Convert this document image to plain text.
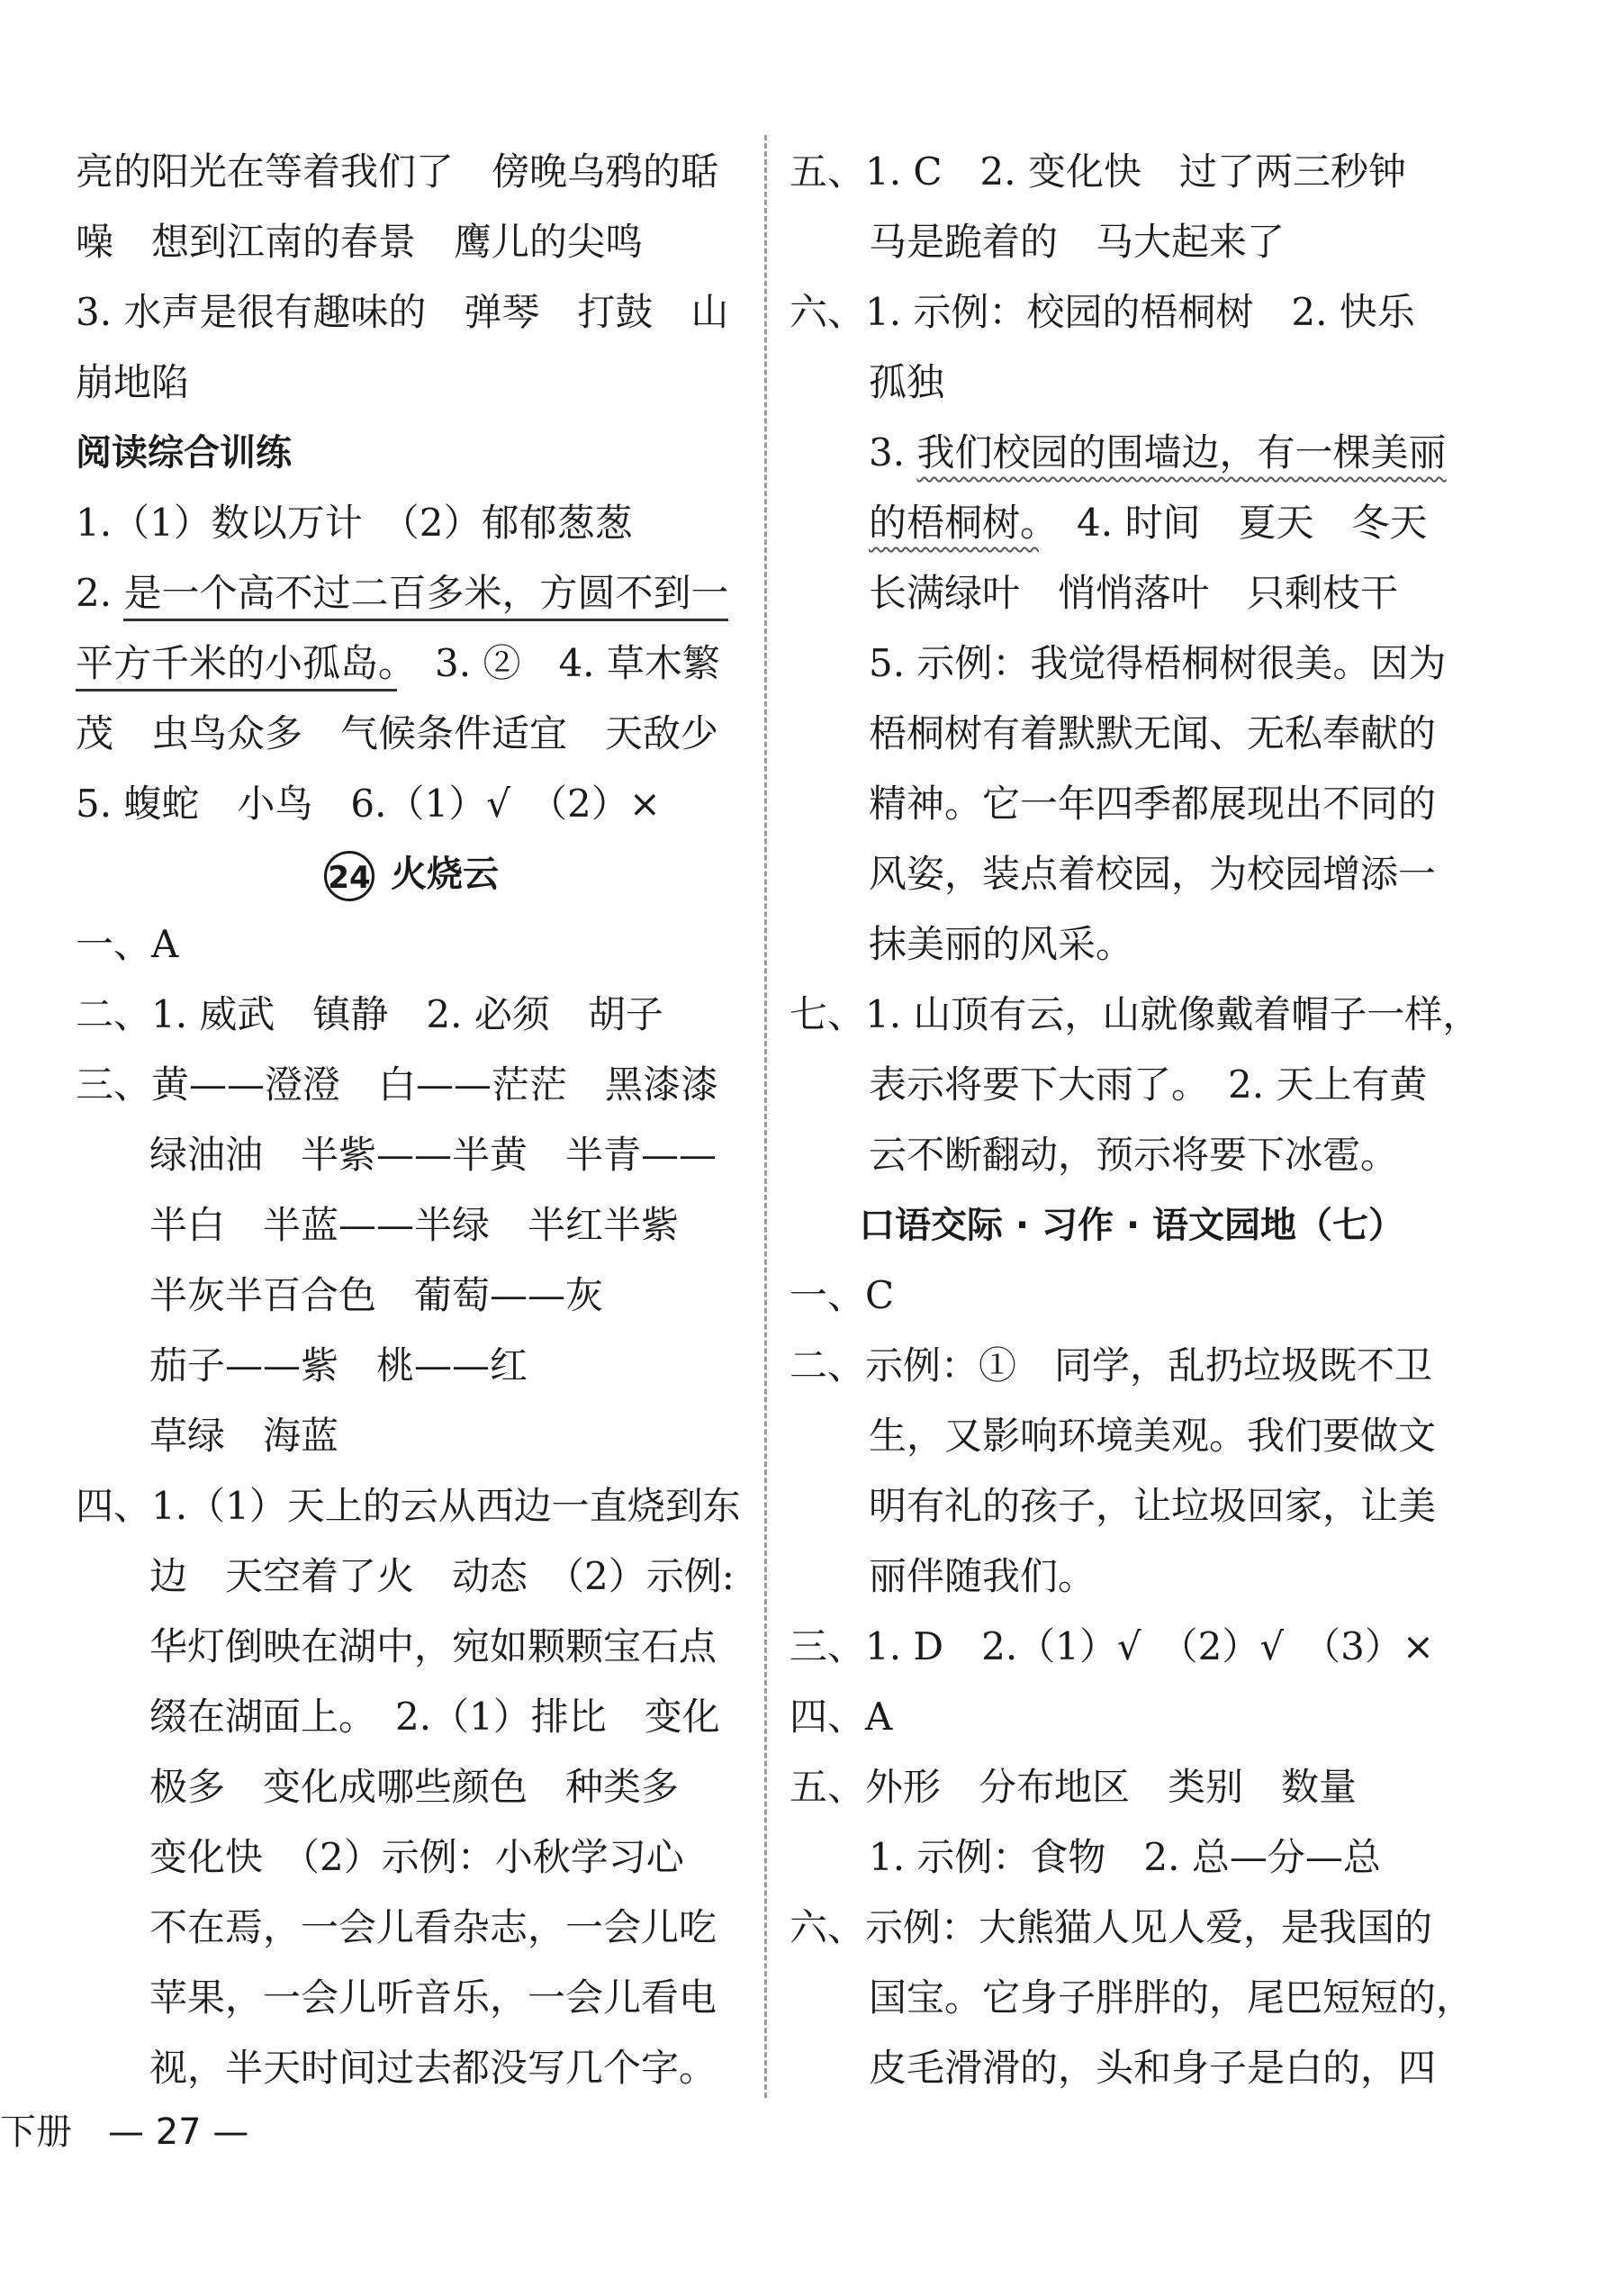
亮的阳光在等着我们了　傍晚乌鸦的聒
噪　想到江南的春景　鹰儿的尖鸣
3. 水声是很有趣味的　弹琴　打鼓　山
崩地陷
阅读综合训练
1.（1）数以万计　（2）郁郁葱葱
2. 是一个高不过二百多米，方圆不到一
平方千米的小孤岛。　3. ②　4. 草木繁
茂　虫鸟众多　气候条件适宜　天敌少
5. 蝮蛇　小鸟　6.（1）√　（2）×
24 火烧云
一、A
二、1. 威武　镇静　2. 必须　胡子
三、黄——澄澄　白——茫茫　黑漆漆
绿油油　半紫——半黄　半青——
半白　半蓝——半绿　半红半紫
半灰半百合色　葡萄——灰
茄子——紫　桃——红
草绿　海蓝
四、1.（1）天上的云从西边一直烧到东
边　天空着了火　动态　（2）示例:
华灯倒映在湖中，宛如颗颗宝石点
缀在湖面上。　2.（1）排比　变化
极多　变化成哪些颜色　种类多
变化快　（2）示例：小秋学习心
不在焉，一会儿看杂志，一会儿吃
苹果，一会儿听音乐，一会儿看电
视，半天时间过去都没写几个字。
五、1. C　2. 变化快　过了两三秒钟
马是跪着的　马大起来了
六、1. 示例：校园的梧桐树　2. 快乐
孤独
3. 我们校园的围墙边，有一棵美丽
的梧桐树。　4. 时间　夏天　冬天
长满绿叶　悄悄落叶　只剩枝干
5. 示例：我觉得梧桐树很美。因为
梧桐树有着默默无闻、无私奉献的
精神。它一年四季都展现出不同的
风姿，装点着校园，为校园增添一
抹美丽的风采。
七、1. 山顶有云，山就像戴着帽子一样，
表示将要下大雨了。　2. 天上有黄
云不断翻动，预示将要下冰雹。
口语交际 · 习作 · 语文园地（七）
一、C
二、示例：①　同学，乱扔垃圾既不卫
生，又影响环境美观。我们要做文
明有礼的孩子，让垃圾回家，让美
丽伴随我们。
三、1. D　2.（1）√　（2）√　（3）×
四、A
五、外形　分布地区　类别　数量
1. 示例：食物　2. 总—分—总
六、示例：大熊猫人见人爱，是我国的
国宝。它身子胖胖的，尾巴短短的，
皮毛滑滑的，头和身子是白的，四
下册　— 27 —
